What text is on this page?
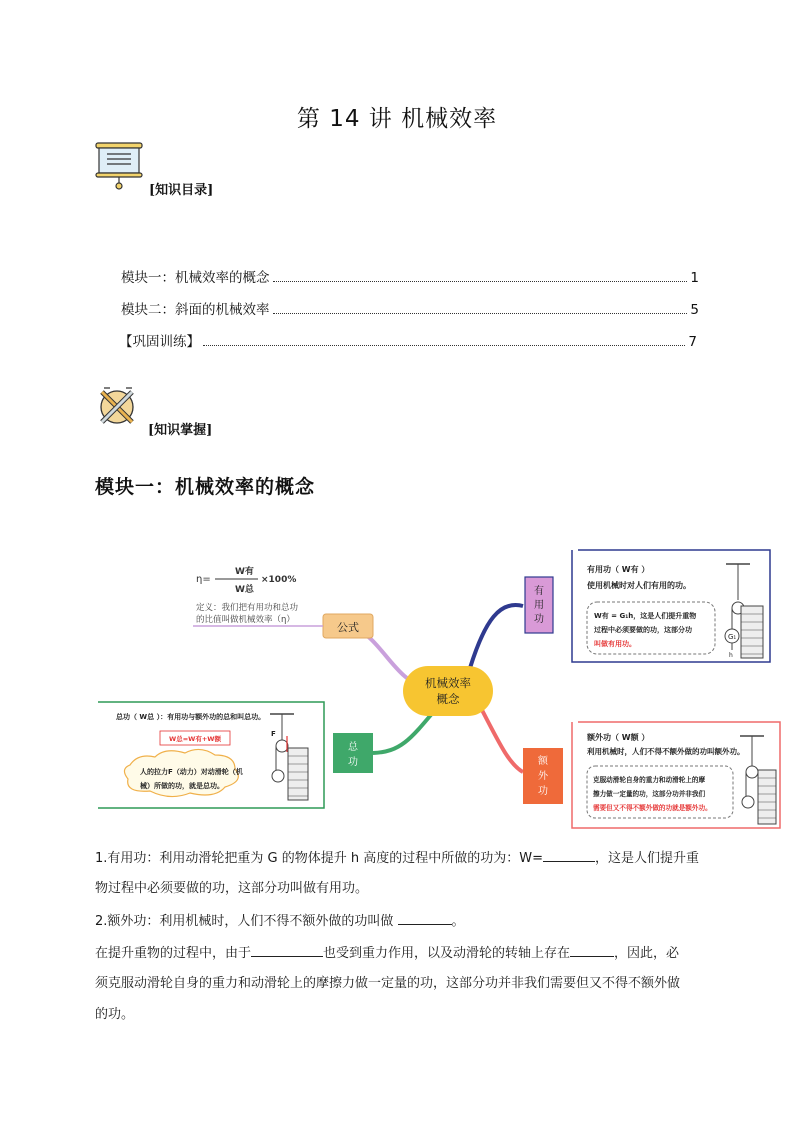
第 14 讲 机械效率
[知识目录]
模块一：机械效率的概念	1
模块二：斜面的机械效率	5
【巩固训练】	7
[知识掌握]
模块一：机械效率的概念
机械效率
概念
公式
η=
W有
W总
×100%
定义：我们把有用功和总功
的比值叫做机械效率（η）
有
用
功
有用功（ W有 ）
使用机械时对人们有用的功。
W有 = G₁h，这是人们提升重物
过程中必须要做的功，这部分功
叫做有用功。
G₁
h
总
功
总功（ W总 ）：有用功与额外功的总和叫总功。
W总=W有+W额
人的拉力F（动力）对动滑轮（机
械）所做的功，就是总功。
F
额
外
功
额外功（ W额 ）
利用机械时，人们不得不额外做的功叫额外功。
克服动滑轮自身的重力和动滑轮上的摩
擦力做一定量的功，这部分功并非我们
需要但又不得不额外做的功就是额外功。
1.有用功：利用动滑轮把重为 G 的物体提升 h 高度的过程中所做的功为：W=	，这是人们提升重
物过程中必须要做的功，这部分功叫做有用功。
2.额外功：利用机械时，人们不得不额外做的功叫做	。
在提升重物的过程中，由于	也受到重力作用，以及动滑轮的转轴上存在	，因此，必
须克服动滑轮自身的重力和动滑轮上的摩擦力做一定量的功，这部分功并非我们需要但又不得不额外做
的功。
